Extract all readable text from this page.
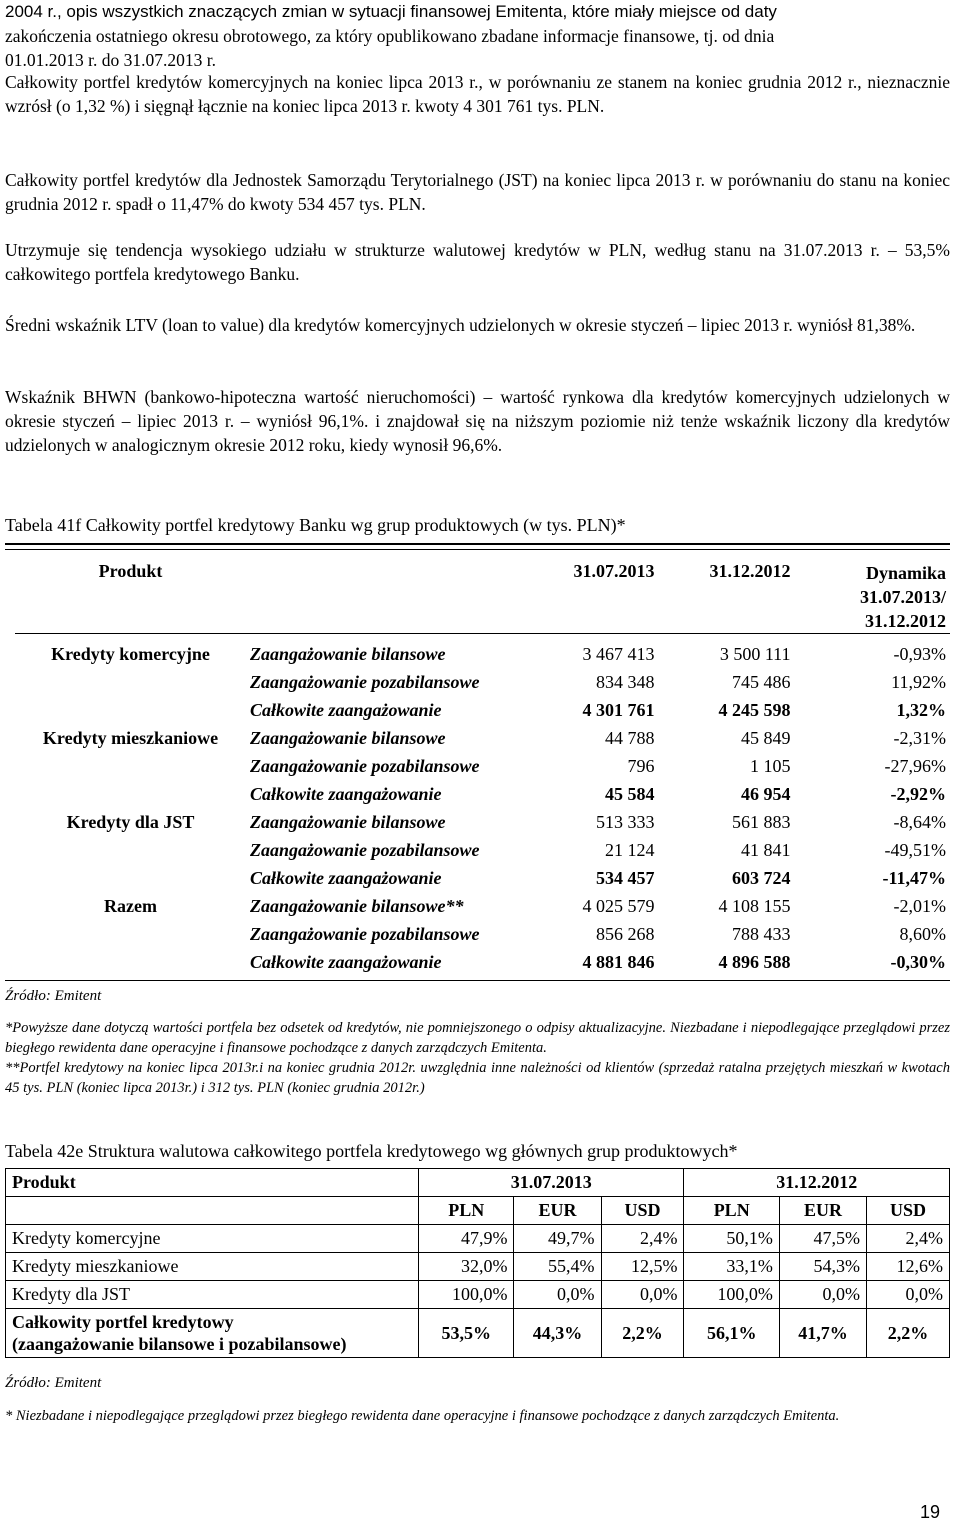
2004 r., opis wszystkich znaczących zmian w sytuacji finansowej Emitenta, które miały miejsce od daty
zakończenia ostatniego okresu obrotowego, za który opublikowano zbadane informacje finansowe, tj. od dnia
01.01.2013 r. do 31.07.2013 r.

Całkowity portfel kredytów komercyjnych na koniec lipca 2013 r., w porównaniu ze stanem na koniec grudnia 2012 r., nieznacznie wzrósł (o 1,32 %) i sięgnął łącznie na koniec lipca 2013 r. kwoty 4 301 761 tys. PLN.

Całkowity portfel kredytów dla Jednostek Samorządu Terytorialnego (JST) na koniec lipca 2013 r. w porównaniu do stanu na koniec grudnia 2012 r. spadł o 11,47% do kwoty 534 457 tys. PLN.

Utrzymuje się tendencja wysokiego udziału w strukturze walutowej kredytów w PLN, według stanu na 31.07.2013 r. – 53,5% całkowitego portfela kredytowego Banku.

Średni wskaźnik LTV (loan to value) dla kredytów komercyjnych udzielonych w okresie styczeń – lipiec 2013 r. wyniósł 81,38%.

Wskaźnik BHWN (bankowo-hipoteczna wartość nieruchomości) – wartość rynkowa dla kredytów komercyjnych udzielonych w okresie styczeń – lipiec 2013 r. – wyniósł 96,1%. i znajdował się na niższym poziomie niż tenże wskaźnik liczony dla kredytów udzielonych w analogicznym okresie 2012 roku, kiedy wynosił 96,6%.

Tabela 41f Całkowity portfel kredytowy Banku wg grup produktowych (w tys. PLN)*
Produkt		31.07.2013	31.12.2012	Dynamika
31.07.2013/
31.12.2012

Kredyty komercyjne	Zaangażowanie bilansowe	3 467 413	3 500 111	-0,93%
	Zaangażowanie pozabilansowe	834 348	745 486	11,92%
	Całkowite zaangażowanie	4 301 761	4 245 598	1,32%
Kredyty mieszkaniowe	Zaangażowanie bilansowe	44 788	45 849	-2,31%
	Zaangażowanie pozabilansowe	796	1 105	-27,96%
	Całkowite zaangażowanie	45 584	46 954	-2,92%
Kredyty dla JST	Zaangażowanie bilansowe	513 333	561 883	-8,64%
	Zaangażowanie pozabilansowe	21 124	41 841	-49,51%
	Całkowite zaangażowanie	534 457	603 724	-11,47%
Razem	Zaangażowanie bilansowe**	4 025 579	4 108 155	-2,01%
	Zaangażowanie pozabilansowe	856 268	788 433	8,60%
	Całkowite zaangażowanie	4 881 846	4 896 588	-0,30%
Źródło: Emitent
*Powyższe dane dotyczą wartości portfela bez odsetek od kredytów, nie pomniejszonego o odpisy aktualizacyjne. Niezbadane i niepodlegające przeglądowi przez biegłego rewidenta dane operacyjne i finansowe pochodzące z danych zarządczych Emitenta.
**Portfel kredytowy na koniec lipca 2013r.i na koniec grudnia 2012r. uwzględnia inne należności od klientów (sprzedaż ratalna przejętych mieszkań w kwotach 45 tys. PLN (koniec lipca 2013r.) i 312 tys. PLN (koniec grudnia 2012r.)
Tabela 42e Struktura walutowa całkowitego portfela kredytowego wg głównych grup produktowych*
Produkt	31.07.2013			31.12.2012		
	PLN	EUR	USD	PLN	EUR	USD
Kredyty komercyjne	47,9%	49,7%	2,4%	50,1%	47,5%	2,4%
Kredyty mieszkaniowe	32,0%	55,4%	12,5%	33,1%	54,3%	12,6%
Kredyty dla JST	100,0%	0,0%	0,0%	100,0%	0,0%	0,0%

Całkowity portfel kredytowy
(zaangażowanie bilansowe i pozabilansowe)	53,5%	44,3%	2,2%	56,1%	41,7%	2,2%
Źródło: Emitent
* Niezbadane i niepodlegające przeglądowi przez biegłego rewidenta dane operacyjne i finansowe pochodzące z danych zarządczych Emitenta.
19
